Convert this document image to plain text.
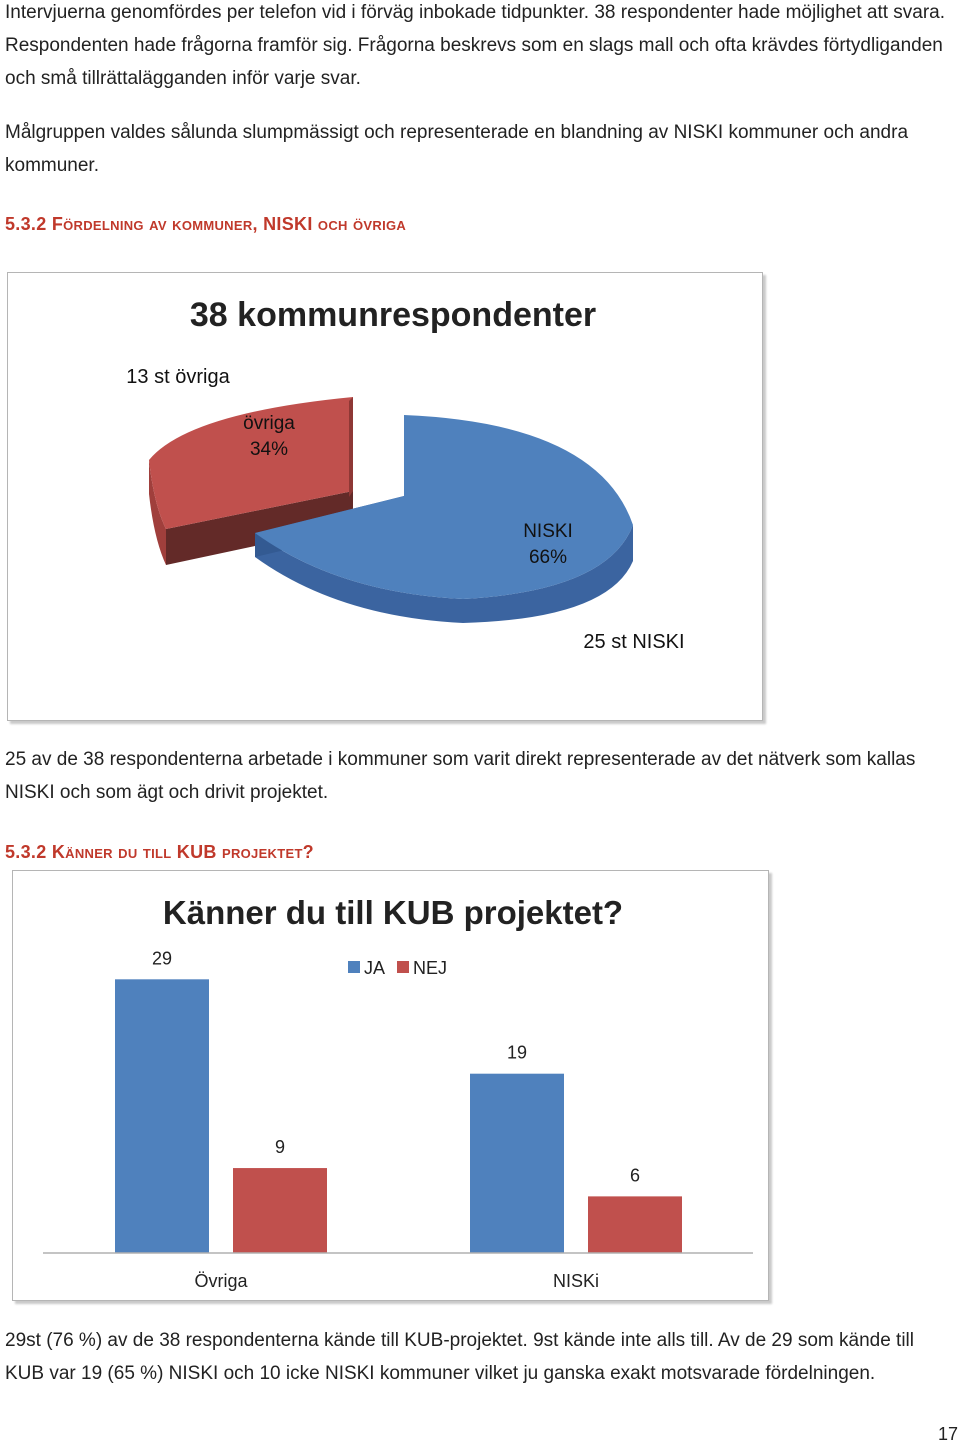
Intervjuerna genomfördes per telefon vid i förväg inbokade tidpunkter. 38 respondenter hade möjlighet att svara. Respondenten hade frågorna framför sig. Frågorna beskrevs som en slags mall och ofta krävdes förtydliganden och små tillrättalägganden inför varje svar.

Målgruppen valdes sålunda slumpmässigt och representerade en blandning av NISKI kommuner och andra kommuner.

5.3.2 Fördelning av kommuner, NISKI och övriga
38 kommunrespondenter
övriga
34%
NISKI
66%
13 st övriga
25 st NISKI

25 av de 38 respondenterna arbetade i kommuner som varit direkt representerade av det nätverk som kallas NISKI och som ägt och drivit projektet.

5.3.2 Känner du till KUB projektet?
Känner du till KUB projektet?
JA NEJ
29
9
19
6
Övriga	NISKi

29st (76 %) av de 38 respondenterna kände till KUB-projektet. 9st kände inte alls till. Av de 29 som kände till KUB var 19 (65 %) NISKI och 10 icke NISKI kommuner vilket ju ganska exakt motsvarade fördelningen.

17
